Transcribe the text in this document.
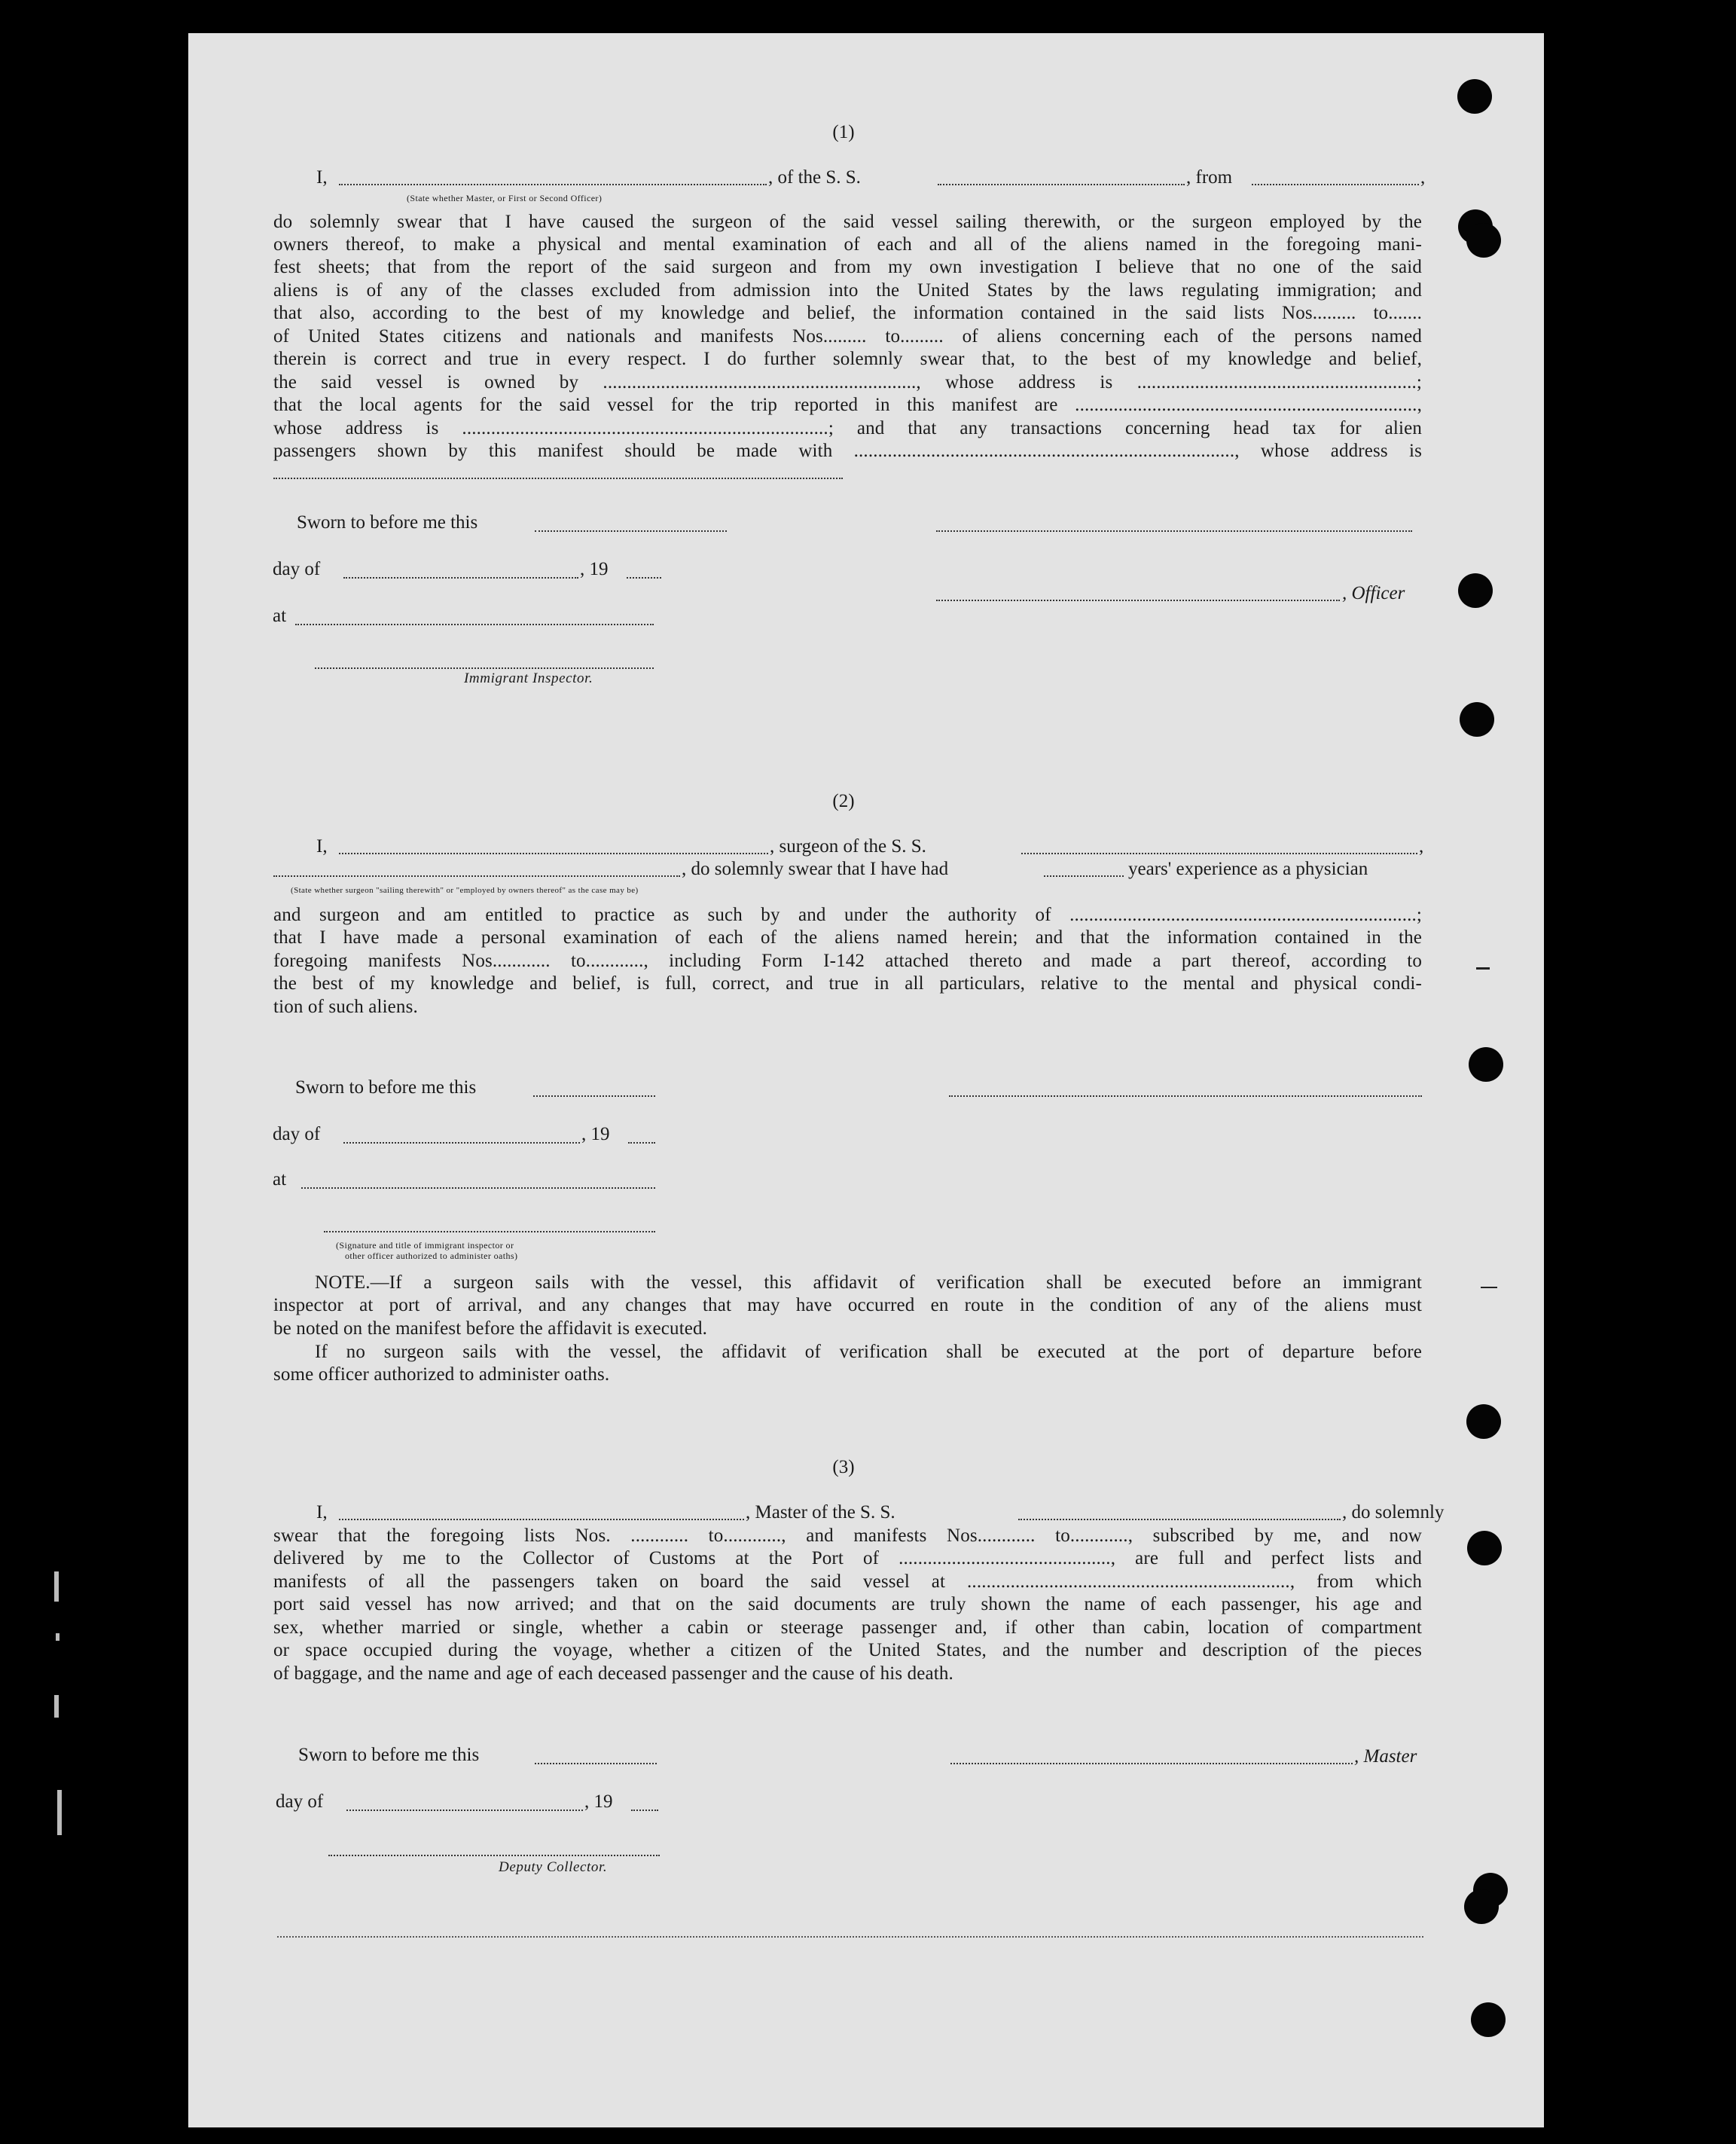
(1)
I,	, of the S. S.	, from	,
(State whether Master, or First or Second Officer)
do solemnly swear that I have caused the surgeon of the said vessel sailing therewith, or the surgeon employed by the
owners thereof, to make a physical and mental examination of each and all of the aliens named in the foregoing mani-
fest sheets; that from the report of the said surgeon and from my own investigation I believe that no one of the said
aliens is of any of the classes excluded from admission into the United States by the laws regulating immigration; and
that also, according to the best of my knowledge and belief, the information contained in the said lists Nos......... to.......
of United States citizens and nationals and manifests Nos......... to......... of aliens concerning each of the persons named
therein is correct and true in every respect. I do further solemnly swear that, to the best of my knowledge and belief,
the said vessel is owned by ................................................................., whose address is ..........................................................;
that the local agents for the said vessel for the trip reported in this manifest are .......................................................................,
whose address is ............................................................................; and that any transactions concerning head tax for alien
passengers shown by this manifest should be made with ..............................................................................., whose address is
Sworn to before me this
day of	, 19
, Officer
at
Immigrant Inspector.
(2)
I,	, surgeon of the S. S.	,
, do solemnly swear that I have had	years' experience as a physician
(State whether surgeon "sailing therewith" or "employed by owners thereof" as the case may be)
and surgeon and am entitled to practice as such by and under the authority of ........................................................................;
that I have made a personal examination of each of the aliens named herein; and that the information contained in the
foregoing manifests Nos............ to............, including Form I-142 attached thereto and made a part thereof, according to
the best of my knowledge and belief, is full, correct, and true in all particulars, relative to the mental and physical condi-
tion of such aliens.
Sworn to before me this
day of	, 19
at
(Signature and title of immigrant inspector or
other officer authorized to administer oaths)
NOTE.—If a surgeon sails with the vessel, this affidavit of verification shall be executed before an immigrant
inspector at port of arrival, and any changes that may have occurred en route in the condition of any of the aliens must
be noted on the manifest before the affidavit is executed.
If no surgeon sails with the vessel, the affidavit of verification shall be executed at the port of departure before
some officer authorized to administer oaths.
(3)
I,	, Master of the S. S.	, do solemnly
swear that the foregoing lists Nos. ............ to............, and manifests Nos............ to............, subscribed by me, and now
delivered by me to the Collector of Customs at the Port of ............................................, are full and perfect lists and
manifests of all the passengers taken on board the said vessel at ..................................................................., from which
port said vessel has now arrived; and that on the said documents are truly shown the name of each passenger, his age and
sex, whether married or single, whether a cabin or steerage passenger and, if other than cabin, location of compartment
or space occupied during the voyage, whether a citizen of the United States, and the number and description of the pieces
of baggage, and the name and age of each deceased passenger and the cause of his death.
Sworn to before me this	, Master
day of	, 19
Deputy Collector.
